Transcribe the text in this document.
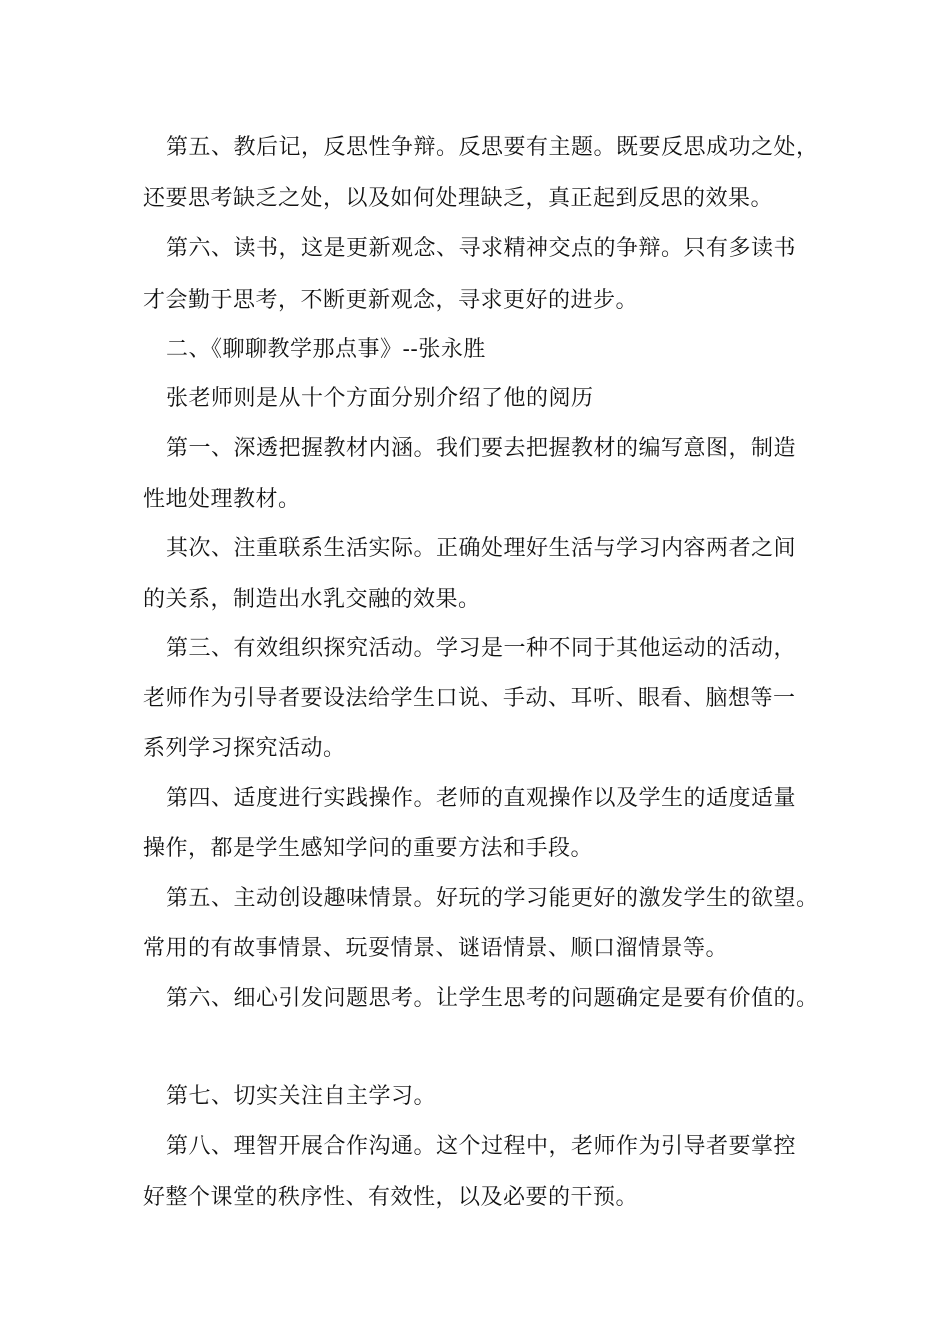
第五、教后记，反思性争辩。反思要有主题。既要反思成功之处，
还要思考缺乏之处，以及如何处理缺乏，真正起到反思的效果。
第六、读书，这是更新观念、寻求精神交点的争辩。只有多读书
才会勤于思考，不断更新观念，寻求更好的进步。
二、《聊聊教学那点事》--张永胜
张老师则是从十个方面分别介绍了他的阅历
第一、深透把握教材内涵。我们要去把握教材的编写意图，制造
性地处理教材。
其次、注重联系生活实际。正确处理好生活与学习内容两者之间
的关系，制造出水乳交融的效果。
第三、有效组织探究活动。学习是一种不同于其他运动的活动，
老师作为引导者要设法给学生口说、手动、耳听、眼看、脑想等一
系列学习探究活动。
第四、适度进行实践操作。老师的直观操作以及学生的适度适量
操作，都是学生感知学问的重要方法和手段。
第五、主动创设趣味情景。好玩的学习能更好的激发学生的欲望。
常用的有故事情景、玩耍情景、谜语情景、顺口溜情景等。
第六、细心引发问题思考。让学生思考的问题确定是要有价值的。
第七、切实关注自主学习。
第八、理智开展合作沟通。这个过程中，老师作为引导者要掌控
好整个课堂的秩序性、有效性，以及必要的干预。
